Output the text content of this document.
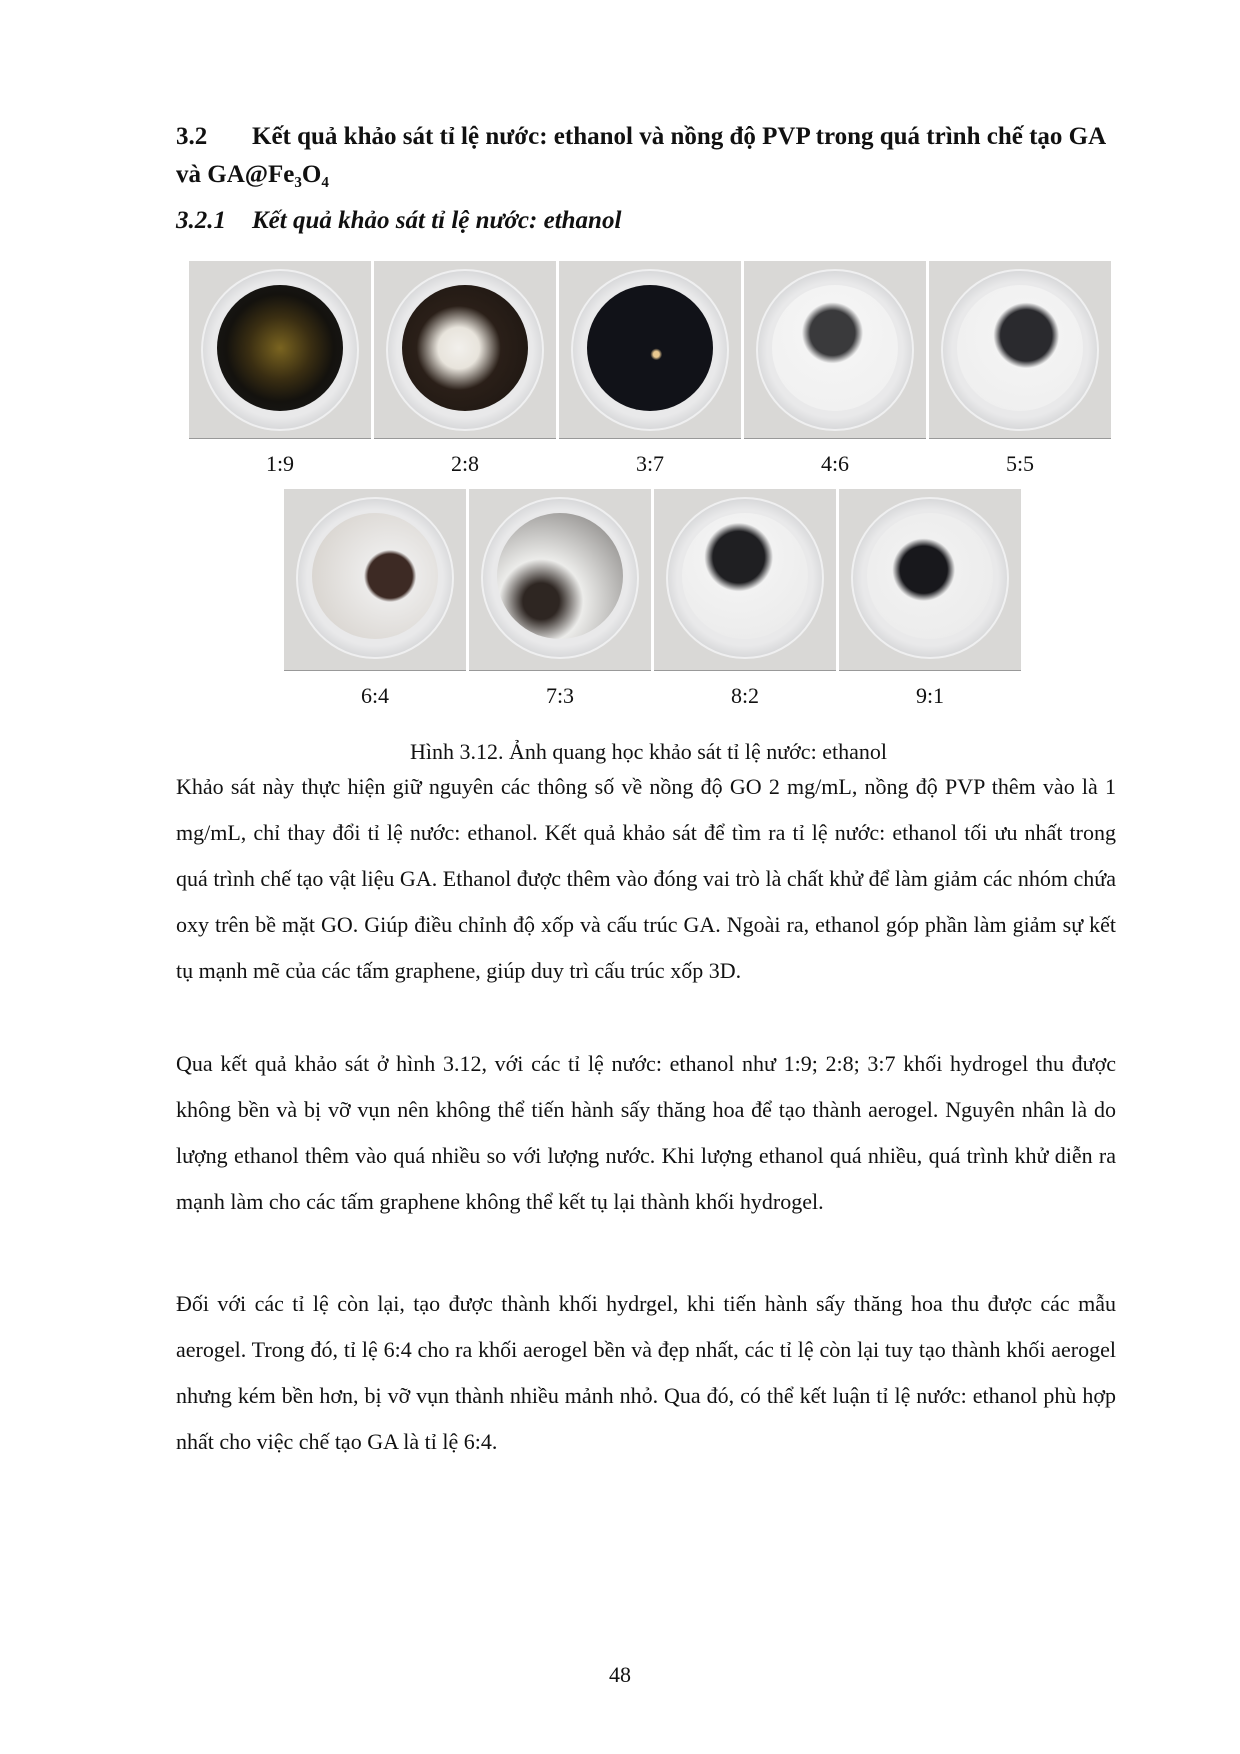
3.2 Kết quả khảo sát tỉ lệ nước: ethanol và nồng độ PVP trong quá trình chế tạo GA và GA@Fe₃O₄
3.2.1 Kết quả khảo sát tỉ lệ nước: ethanol
1:9	2:8	3:7	4:6	5:5
6:4	7:3	8:2	9:1
Hình 3.12. Ảnh quang học khảo sát tỉ lệ nước: ethanol

Khảo sát này thực hiện giữ nguyên các thông số về nồng độ GO 2 mg/mL, nồng độ PVP thêm vào là 1 mg/mL, chỉ thay đổi tỉ lệ nước: ethanol. Kết quả khảo sát để tìm ra tỉ lệ nước: ethanol tối ưu nhất trong quá trình chế tạo vật liệu GA. Ethanol được thêm vào đóng vai trò là chất khử để làm giảm các nhóm chứa oxy trên bề mặt GO. Giúp điều chỉnh độ xốp và cấu trúc GA. Ngoài ra, ethanol góp phần làm giảm sự kết tụ mạnh mẽ của các tấm graphene, giúp duy trì cấu trúc xốp 3D.

Qua kết quả khảo sát ở hình 3.12, với các tỉ lệ nước: ethanol như 1:9; 2:8; 3:7 khối hydrogel thu được không bền và bị vỡ vụn nên không thể tiến hành sấy thăng hoa để tạo thành aerogel. Nguyên nhân là do lượng ethanol thêm vào quá nhiều so với lượng nước. Khi lượng ethanol quá nhiều, quá trình khử diễn ra mạnh làm cho các tấm graphene không thể kết tụ lại thành khối hydrogel.

Đối với các tỉ lệ còn lại, tạo được thành khối hydrgel, khi tiến hành sấy thăng hoa thu được các mẫu aerogel. Trong đó, tỉ lệ 6:4 cho ra khối aerogel bền và đẹp nhất, các tỉ lệ còn lại tuy tạo thành khối aerogel nhưng kém bền hơn, bị vỡ vụn thành nhiều mảnh nhỏ. Qua đó, có thể kết luận tỉ lệ nước: ethanol phù hợp nhất cho việc chế tạo GA là tỉ lệ 6:4.

48
